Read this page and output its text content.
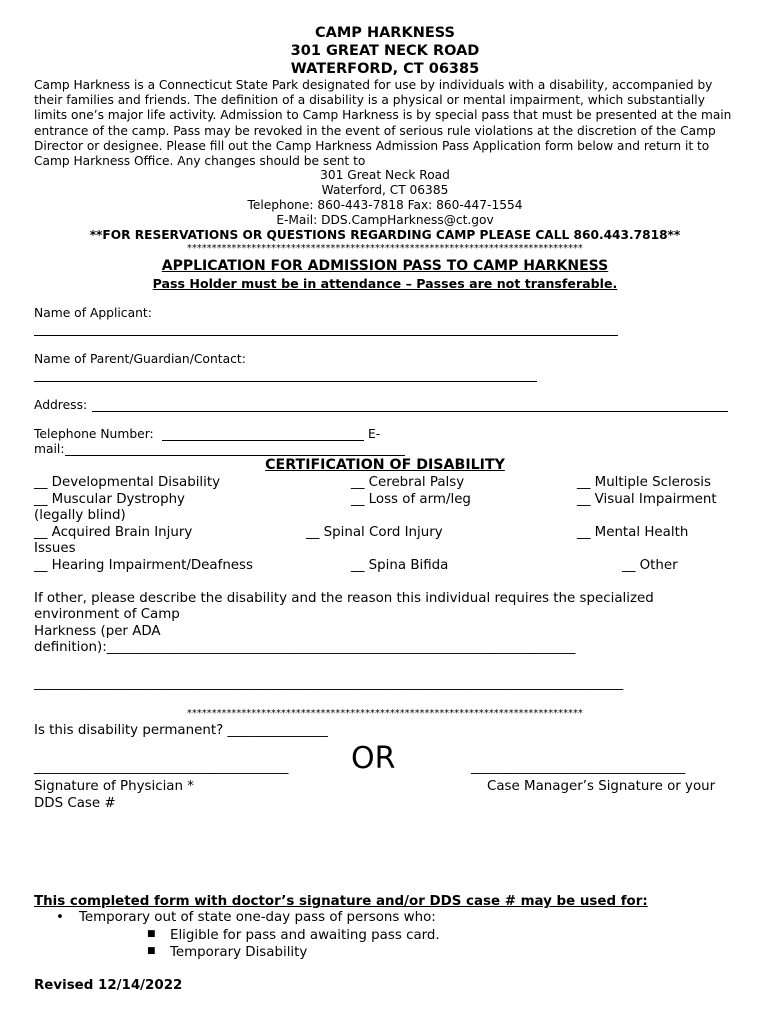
CAMP HARKNESS
301 GREAT NECK ROAD
WATERFORD, CT 06385
Camp Harkness is a Connecticut State Park designated for use by individuals with a disability, accompanied by their families and friends. The definition of a disability is a physical or mental impairment, which substantially limits one’s major life activity. Admission to Camp Harkness is by special pass that must be presented at the main entrance of the camp. Pass may be revoked in the event of serious rule violations at the discretion of the Camp Director or designee. Please fill out the Camp Harkness Admission Pass Application form below and return it to Camp Harkness Office. Any changes should be sent to
301 Great Neck Road
Waterford, CT 06385
Telephone: 860-443-7818 Fax: 860-447-1554
E-Mail: DDS.CampHarkness@ct.gov
**FOR RESERVATIONS OR QUESTIONS REGARDING CAMP PLEASE CALL 860.443.7818**
********************************************************************************
APPLICATION FOR ADMISSION PASS TO CAMP HARKNESS
Pass Holder must be in attendance – Passes are not transferable.
Name of Applicant:
Name of Parent/Guardian/Contact:
Address:
Telephone Number:	E-
mail:
CERTIFICATION OF DISABILITY
__ Developmental Disability	__ Cerebral Palsy	__ Multiple Sclerosis
__ Muscular Dystrophy	__ Loss of arm/leg	__ Visual Impairment
(legally blind)
__ Acquired Brain Injury	__ Spinal Cord Injury	__ Mental Health
Issues
__ Hearing Impairment/Deafness	__ Spina Bifida	__ Other
If other, please describe the disability and the reason this individual requires the specialized
environment of Camp
Harkness (per ADA
definition):______________________________________________________________________
________________________________________________________________________________________
********************************************************************************
Is this disability permanent? _______________
______________________________________ OR	________________________________
Signature of Physician *
DDS Case #
Case Manager’s Signature or your
This completed form with doctor’s signature and/or DDS case # may be used for:
• Temporary out of state one-day pass of persons who:
■ Eligible for pass and awaiting pass card.
■ Temporary Disability
Revised 12/14/2022
